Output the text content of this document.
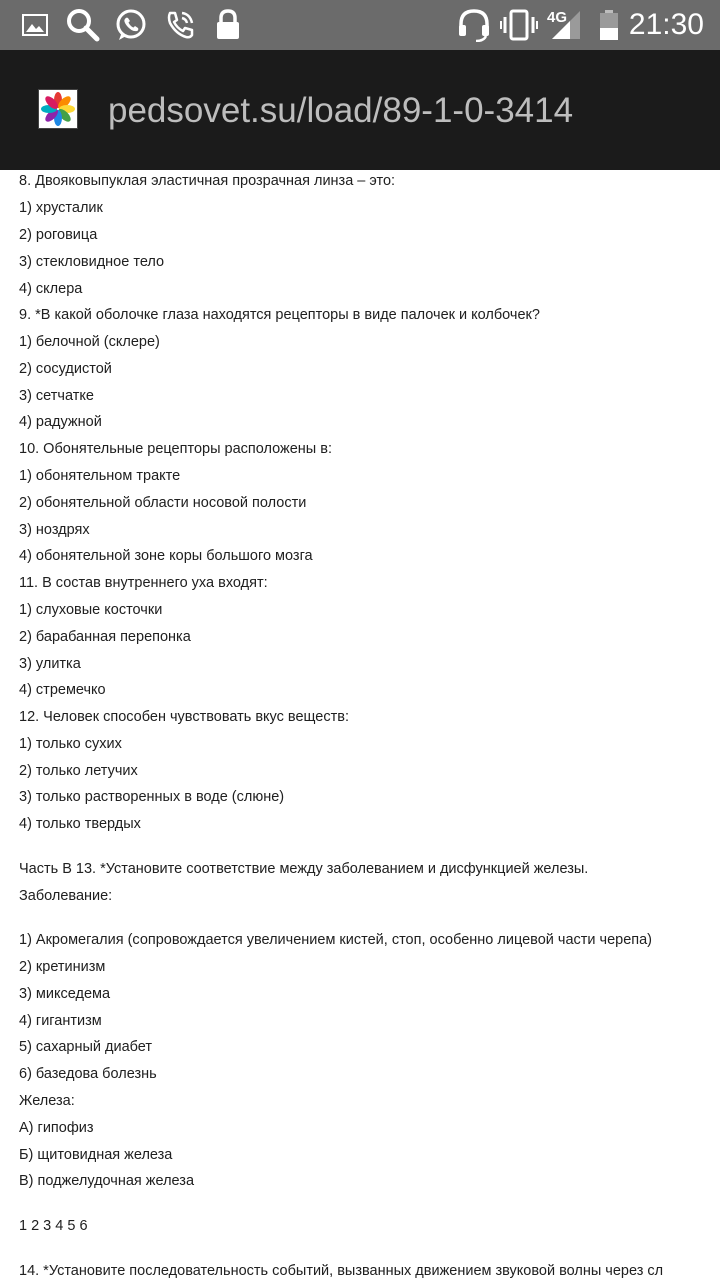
4G 21:30
pedsovet.su/load/89-1-0-3414
8. Двояковыпуклая эластичная прозрачная линза – это:
1) хрусталик
2) роговица
3) стекловидное тело
4) склера
9. *В какой оболочке глаза находятся рецепторы в виде палочек и колбочек?
1) белочной (склере)
2) сосудистой
3) сетчатке
4) радужной
10. Обонятельные рецепторы расположены в:
1) обонятельном тракте
2) обонятельной области носовой полости
3) ноздрях
4) обонятельной зоне коры большого мозга
11. В состав внутреннего уха входят:
1) слуховые косточки
2) барабанная перепонка
3) улитка
4) стремечко
12. Человек способен чувствовать вкус веществ:
1) только сухих
2) только летучих
3) только растворенных в воде (слюне)
4) только твердых
Часть В 13. *Установите соответствие между заболеванием и дисфункцией железы.
Заболевание:
1) Акромегалия (сопровождается увеличением кистей, стоп, особенно лицевой части черепа)
2) кретинизм
3) микседема
4) гигантизм
5) сахарный диабет
6) базедова болезнь
Железа:
А) гипофиз
Б) щитовидная железа
В) поджелудочная железа
1 2 3 4 5 6
14. *Установите последовательность событий, вызванных движением звуковой волны через сл
